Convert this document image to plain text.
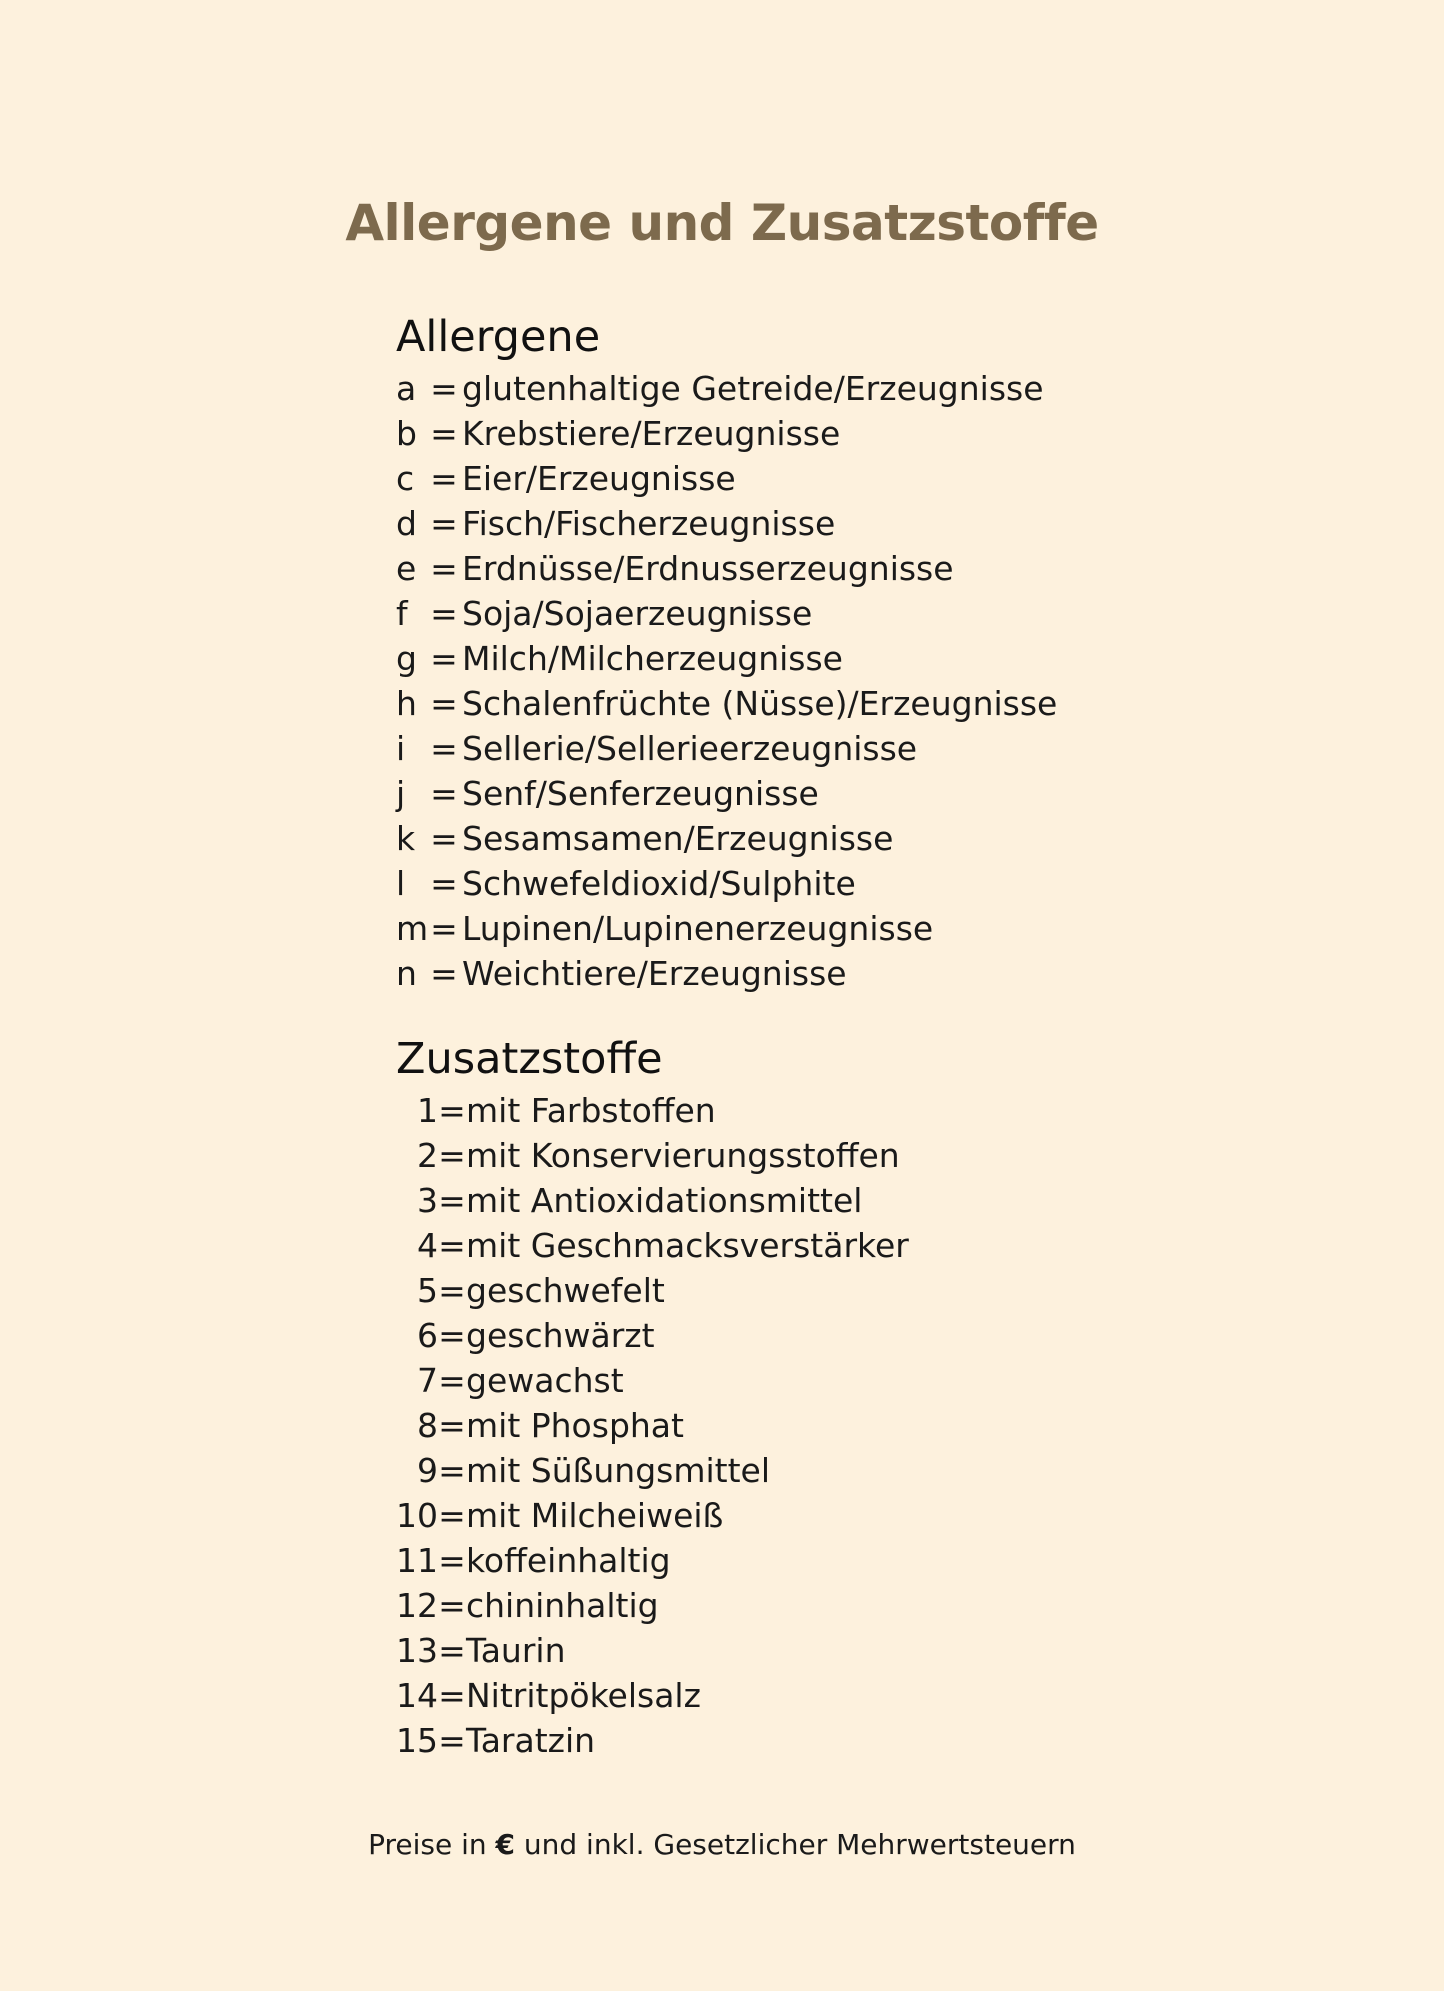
Allergene und Zusatzstoffe
Allergene
a = glutenhaltige Getreide/Erzeugnisse
b = Krebstiere/Erzeugnisse
c = Eier/Erzeugnisse
d = Fisch/Fischerzeugnisse
e = Erdnüsse/Erdnusserzeugnisse
f = Soja/Sojaerzeugnisse
g = Milch/Milcherzeugnisse
h = Schalenfrüchte (Nüsse)/Erzeugnisse
i = Sellerie/Sellerieerzeugnisse
j = Senf/Senferzeugnisse
k = Sesamsamen/Erzeugnisse
l = Schwefeldioxid/Sulphite
m = Lupinen/Lupinenerzeugnisse
n = Weichtiere/Erzeugnisse
Zusatzstoffe
1 = mit Farbstoffen
2 = mit Konservierungsstoffen
3 = mit Antioxidationsmittel
4 = mit Geschmacksverstärker
5 = geschwefelt
6 = geschwärzt
7 = gewachst
8 = mit Phosphat
9 = mit Süßungsmittel
10 = mit Milcheiweiß
11 = koffeinhaltig
12 = chininhaltig
13 = Taurin
14 = Nitritpökelsalz
15 = Taratzin
Preise in € und inkl. Gesetzlicher Mehrwertsteuern
